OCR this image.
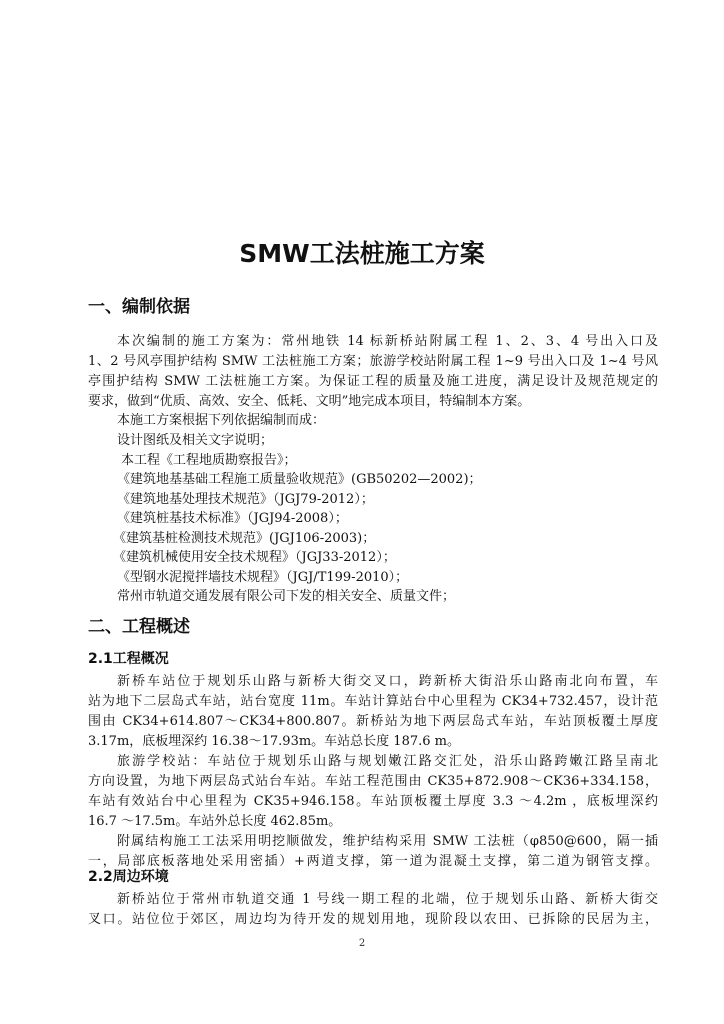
SMW工法桩施工方案
一、编制依据
本次编制的施工方案为：常州地铁 14 标新桥站附属工程 1、2、3、4 号出入口及
1、2 号风亭围护结构 SMW 工法桩施工方案；旅游学校站附属工程 1~9 号出入口及 1~4 号风
亭围护结构 SMW 工法桩施工方案。为保证工程的质量及施工进度，满足设计及规范规定的
要求，做到“优质、高效、安全、低耗、文明”地完成本项目，特编制本方案。
本施工方案根据下列依据编制而成：
设计图纸及相关文字说明；
本工程《工程地质勘察报告》；
《建筑地基基础工程施工质量验收规范》(GB50202—2002)；
《建筑地基处理技术规范》（JGJ79-2012）；
《建筑桩基技术标准》（JGJ94-2008）；
《建筑基桩检测技术规范》(JGJ106-2003)；
《建筑机械使用安全技术规程》（JGJ33-2012）；
《型钢水泥搅拌墙技术规程》（JGJ/T199-2010）；
常州市轨道交通发展有限公司下发的相关安全、质量文件；
二、工程概述
2.1工程概况
新桥车站位于规划乐山路与新桥大街交叉口，跨新桥大街沿乐山路南北向布置，车
站为地下二层岛式车站，站台宽度 11m。车站计算站台中心里程为 CK34+732.457，设计范
围由 CK34+614.807～CK34+800.807。新桥站为地下两层岛式车站，车站顶板覆土厚度
3.17m，底板埋深约 16.38～17.93m。车站总长度 187.6 m。
旅游学校站：车站位于规划乐山路与规划嫩江路交汇处，沿乐山路跨嫩江路呈南北
方向设置，为地下两层岛式站台车站。车站工程范围由 CK35+872.908～CK36+334.158，
车站有效站台中心里程为 CK35+946.158。车站顶板覆土厚度 3.3 ～4.2m ，底板埋深约
16.7 ～17.5m。车站外总长度 462.85m。
附属结构施工工法采用明挖顺做发，维护结构采用 SMW 工法桩（φ850@600，隔一插
一，局部底板落地处采用密插）+两道支撑，第一道为混凝土支撑，第二道为钢管支撑。
2.2周边环境
新桥站位于常州市轨道交通 1 号线一期工程的北端，位于规划乐山路、新桥大街交
叉口。站位位于郊区，周边均为待开发的规划用地，现阶段以农田、已拆除的民居为主，
2
